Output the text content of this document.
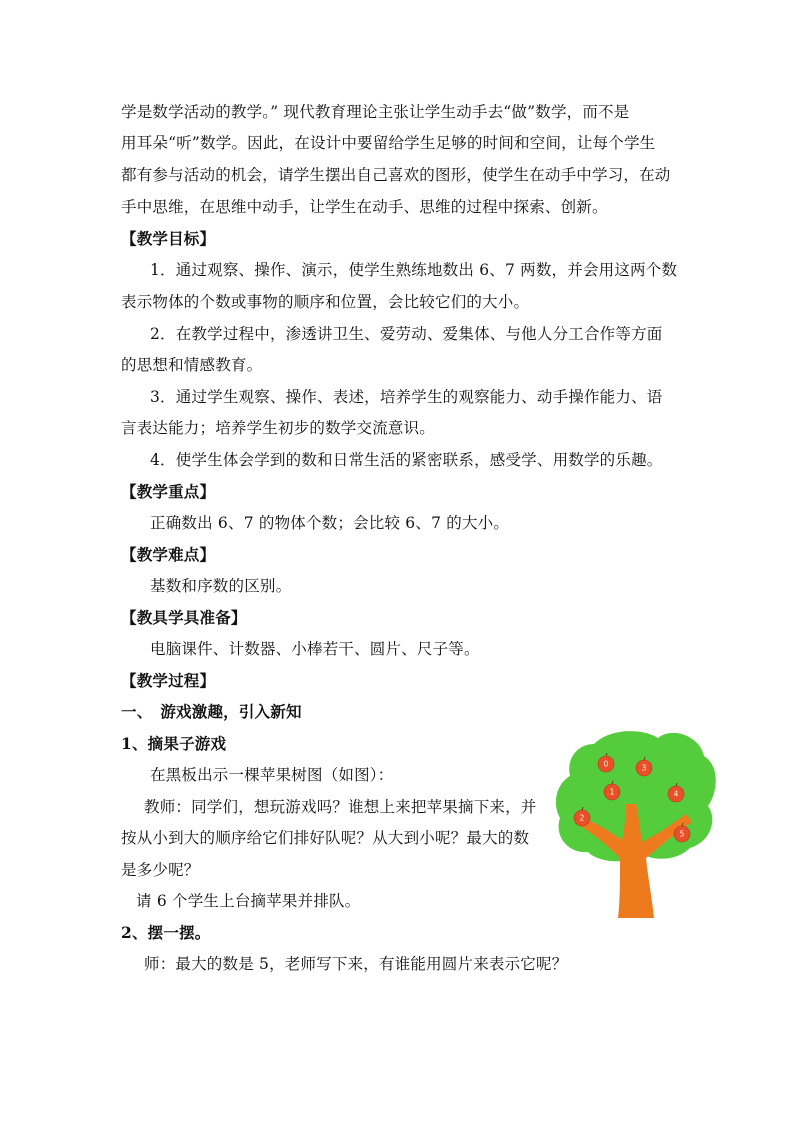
学是数学活动的教学。” 现代教育理论主张让学生动手去“做”数学，而不是

用耳朵“听”数学。因此，在设计中要留给学生足够的时间和空间，让每个学生

都有参与活动的机会，请学生摆出自己喜欢的图形，使学生在动手中学习，在动

手中思维，在思维中动手，让学生在动手、思维的过程中探索、创新。

【教学目标】

1．通过观察、操作、演示，使学生熟练地数出 6、7 两数，并会用这两个数

表示物体的个数或事物的顺序和位置，会比较它们的大小。

2．在教学过程中，渗透讲卫生、爱劳动、爱集体、与他人分工合作等方面

的思想和情感教育。

3．通过学生观察、操作、表述，培养学生的观察能力、动手操作能力、语

言表达能力；培养学生初步的数学交流意识。

4．使学生体会学到的数和日常生活的紧密联系，感受学、用数学的乐趣。

【教学重点】

正确数出 6、7 的物体个数；会比较 6、7 的大小。

【教学难点】

基数和序数的区别。

【教具学具准备】

电脑课件、计数器、小棒若干、圆片、尺子等。

【教学过程】

一、　游戏激趣，引入新知

1、摘果子游戏

在黑板出示一棵苹果树图（如图）：

教师：同学们，想玩游戏吗？谁想上来把苹果摘下来，并

按从小到大的顺序给它们排好队呢？从大到小呢？最大的数

是多少呢？

请 6 个学生上台摘苹果并排队。

2、摆一摆。

师：最大的数是 5，老师写下来，有谁能用圆片来表示它呢？

0	3
1	4
2
5
